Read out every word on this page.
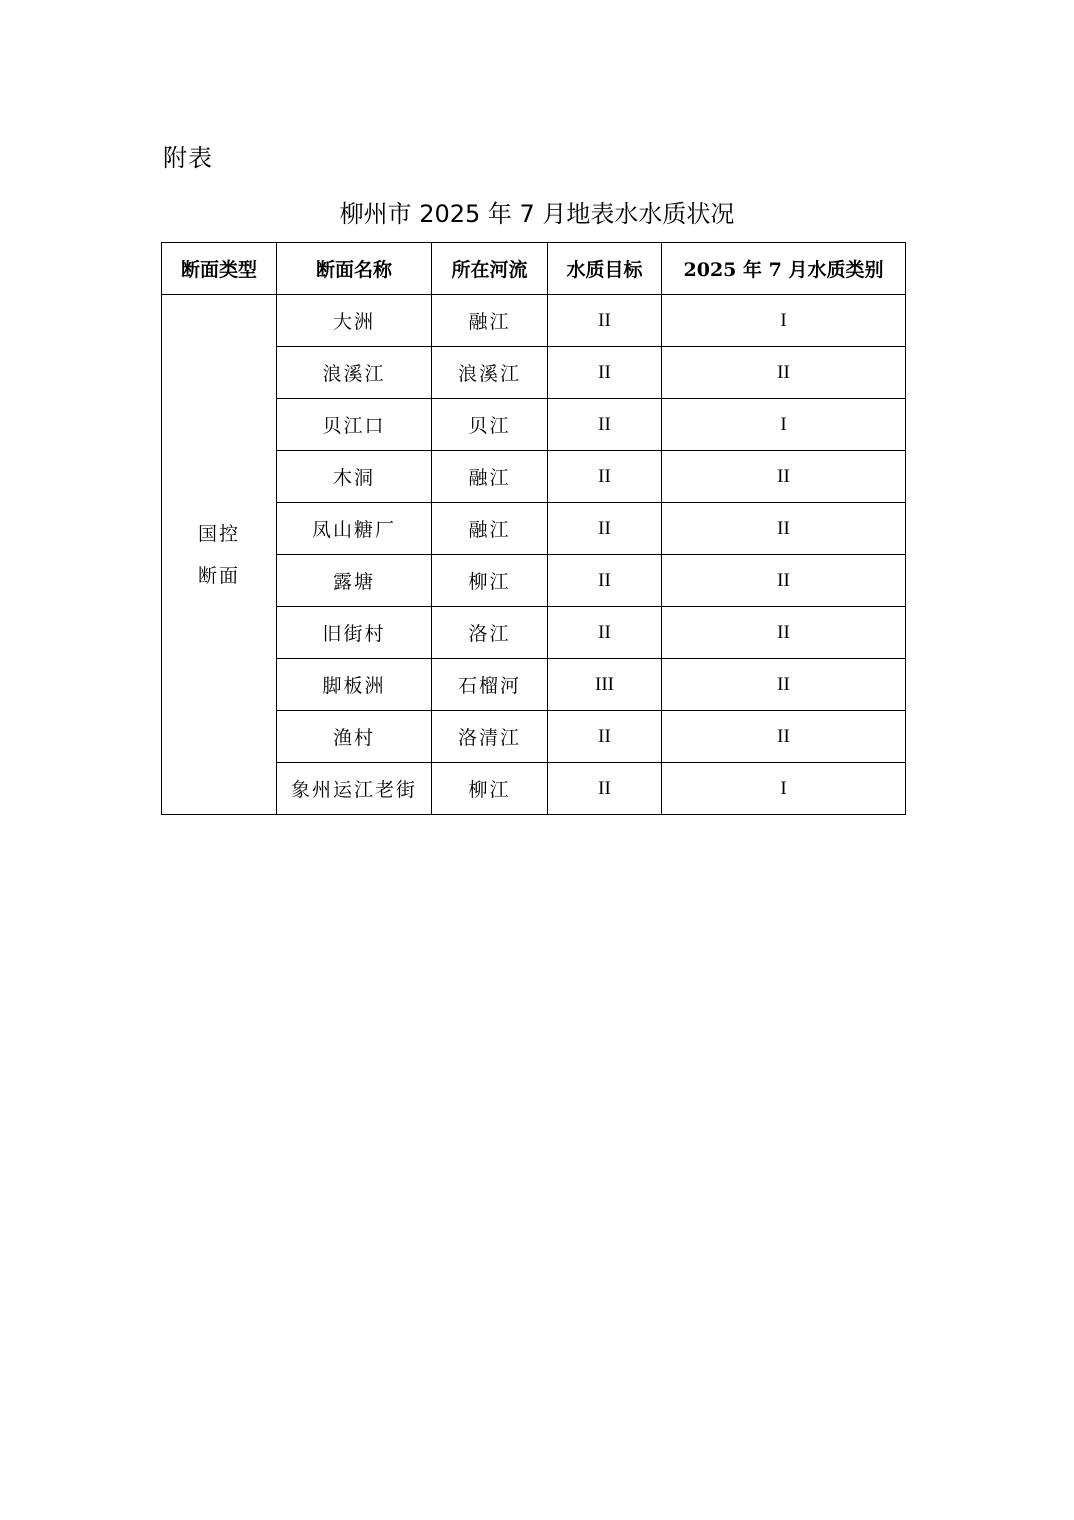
附表
柳州市 2025 年 7 月地表水水质状况
断面类型	断面名称	所在河流	水质目标	2025 年 7 月水质类别

国控
断面	大洲	融江	II	I
	浪溪江	浪溪江	II	II
	贝江口	贝江	II	I
	木洞	融江	II	II
	凤山糖厂	融江	II	II
	露塘	柳江	II	II
	旧街村	洛江	II	II
	脚板洲	石榴河	III	II
	渔村	洛清江	II	II
	象州运江老街	柳江	II	I
